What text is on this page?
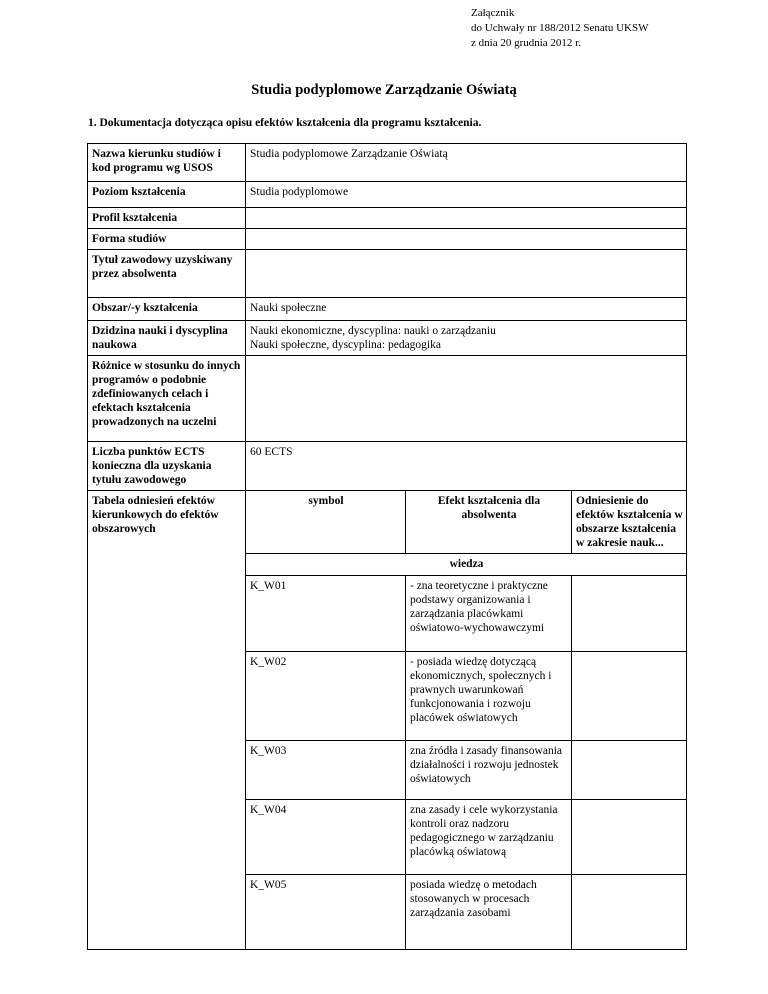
Załącznik
do Uchwały nr 188/2012 Senatu UKSW
z dnia 20 grudnia 2012 r.
Studia podyplomowe Zarządzanie Oświatą
1. Dokumentacja dotycząca opisu efektów kształcenia dla programu kształcenia.
Nazwa kierunku studiów i kod programu wg USOS	Studia podyplomowe Zarządzanie Oświatą		
Poziom kształcenia	Studia podyplomowe		
Profil kształcenia			
Forma studiów			
Tytuł zawodowy uzyskiwany przez absolwenta			
Obszar/-y kształcenia	Nauki społeczne		
Dzidzina nauki i dyscyplina naukowa	Nauki ekonomiczne, dyscyplina: nauki o zarządzaniu
Nauki społeczne, dyscyplina: pedagogika		

Różnice w stosunku do innych programów o podobnie zdefiniowanych celach i efektach kształcenia prowadzonych na uczelni			
Liczba punktów ECTS konieczna dla uzyskania tytułu zawodowego	60 ECTS		
Tabela odniesień efektów kierunkowych do efektów obszarowych	symbol	Efekt kształcenia dla absolwenta	Odniesienie do efektów kształcenia w obszarze kształcenia w zakresie nauk...
	wiedza		
	K_W01	- zna teoretyczne i praktyczne podstawy organizowania i zarządzania placówkami oświatowo-wychowawczymi	
	K_W02	- posiada wiedzę dotyczącą ekonomicznych, społecznych i prawnych uwarunkowań funkcjonowania i rozwoju placówek oświatowych	
	K_W03	zna źródła i zasady finansowania działalności i rozwoju jednostek oświatowych	
	K_W04	zna zasady i cele wykorzystania kontroli oraz nadzoru pedagogicznego w zarządzaniu placówką oświatową	
	K_W05	posiada wiedzę o metodach stosowanych w procesach zarządzania zasobami	
